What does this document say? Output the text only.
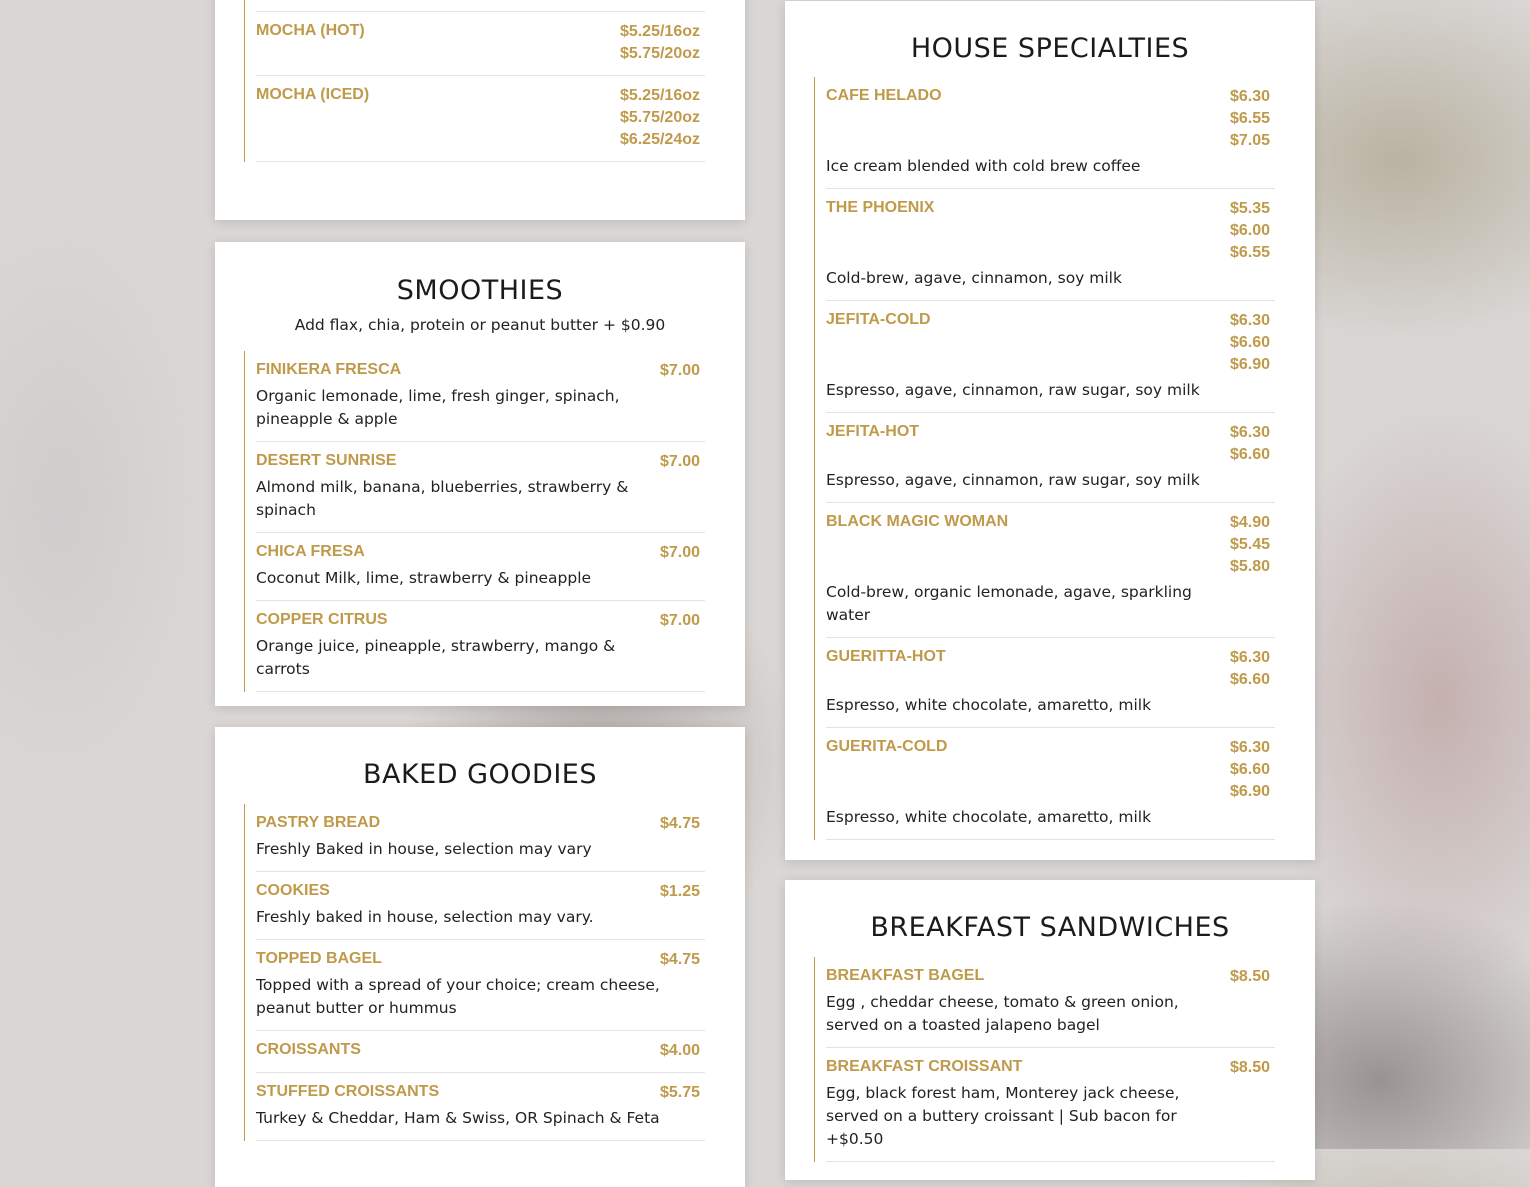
MOCHA (HOT)	$5.25/16oz
$5.75/20oz
MOCHA (ICED)	$5.25/16oz
$5.75/20oz
$6.25/24oz
SMOOTHIES
Add flax, chia, protein or peanut butter + $0.90
FINIKERA FRESCA	$7.00
Organic lemonade, lime, fresh ginger, spinach, pineapple & apple
DESERT SUNRISE	$7.00
Almond milk, banana, blueberries, strawberry & spinach
CHICA FRESA	$7.00
Coconut Milk, lime, strawberry & pineapple
COPPER CITRUS	$7.00
Orange juice, pineapple, strawberry, mango & carrots
BAKED GOODIES
PASTRY BREAD	$4.75
Freshly Baked in house, selection may vary
COOKIES	$1.25
Freshly baked in house, selection may vary.
TOPPED BAGEL	$4.75
Topped with a spread of your choice; cream cheese, peanut butter or hummus
CROISSANTS	$4.00
STUFFED CROISSANTS	$5.75
Turkey & Cheddar, Ham & Swiss, OR Spinach & Feta
HOUSE SPECIALTIES
CAFE HELADO	$6.30
$6.55
$7.05
Ice cream blended with cold brew coffee
THE PHOENIX	$5.35
$6.00
$6.55
Cold-brew, agave, cinnamon, soy milk
JEFITA-COLD	$6.30
$6.60
$6.90
Espresso, agave, cinnamon, raw sugar, soy milk
JEFITA-HOT	$6.30
$6.60
Espresso, agave, cinnamon, raw sugar, soy milk
BLACK MAGIC WOMAN	$4.90
$5.45
$5.80
Cold-brew, organic lemonade, agave, sparkling water
GUERITTA-HOT	$6.30
$6.60
Espresso, white chocolate, amaretto, milk
GUERITA-COLD	$6.30
$6.60
$6.90
Espresso, white chocolate, amaretto, milk
BREAKFAST SANDWICHES
BREAKFAST BAGEL	$8.50
Egg , cheddar cheese, tomato & green onion, served on a toasted jalapeno bagel
BREAKFAST CROISSANT	$8.50
Egg, black forest ham, Monterey jack cheese, served on a buttery croissant | Sub bacon for +$0.50
